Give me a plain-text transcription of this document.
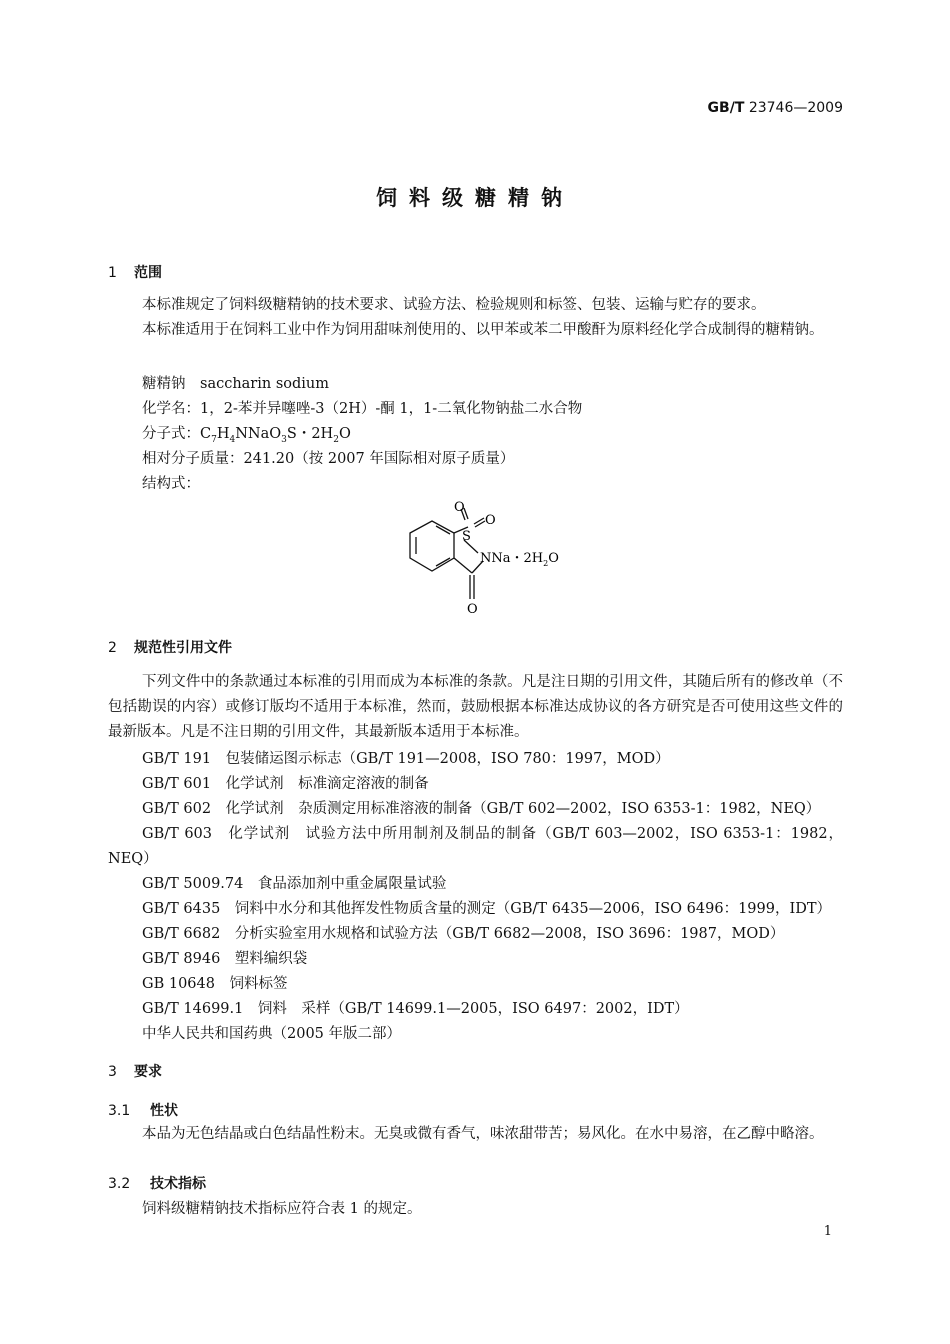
GB/T 23746—2009
饲料级糖精钠
1 范围
本标准规定了饲料级糖精钠的技术要求、试验方法、检验规则和标签、包装、运输与贮存的要求。
本标准适用于在饲料工业中作为饲用甜味剂使用的、以甲苯或苯二甲酸酐为原料经化学合成制得的糖精钠。
糖精钠　saccharin sodium
化学名：1，2-苯并异噻唑-3（2H）-酮 1，1-二氧化物钠盐二水合物
分子式：$C_7H_4NNaO_3S$・$2H_2O$
相对分子质量：241.20（按 2007 年国际相对原子质量）
结构式：
O
O
S
NNa・$2H_2O$
O
2 规范性引用文件
下列文件中的条款通过本标准的引用而成为本标准的条款。凡是注日期的引用文件，其随后所有的修改单（不包括勘误的内容）或修订版均不适用于本标准，然而，鼓励根据本标准达成协议的各方研究是否可使用这些文件的最新版本。凡是不注日期的引用文件，其最新版本适用于本标准。
GB/T 191　包装储运图示标志（GB/T 191—2008，ISO 780：1997，MOD）
GB/T 601　化学试剂　标准滴定溶液的制备
GB/T 602　化学试剂　杂质测定用标准溶液的制备（GB/T 602—2002，ISO 6353-1：1982，NEQ）
GB/T 603　化学试剂　试验方法中所用制剂及制品的制备（GB/T 603—2002，ISO 6353-1：1982，NEQ）
GB/T 5009.74　食品添加剂中重金属限量试验
GB/T 6435　饲料中水分和其他挥发性物质含量的测定（GB/T 6435—2006，ISO 6496：1999，IDT）
GB/T 6682　分析实验室用水规格和试验方法（GB/T 6682—2008，ISO 3696：1987，MOD）
GB/T 8946　塑料编织袋
GB 10648　饲料标签
GB/T 14699.1　饲料　采样（GB/T 14699.1—2005，ISO 6497：2002，IDT）
中华人民共和国药典（2005 年版二部）
3 要求
3.1 性状
本品为无色结晶或白色结晶性粉末。无臭或微有香气，味浓甜带苦；易风化。在水中易溶，在乙醇中略溶。
3.2 技术指标
饲料级糖精钠技术指标应符合表 1 的规定。
1
